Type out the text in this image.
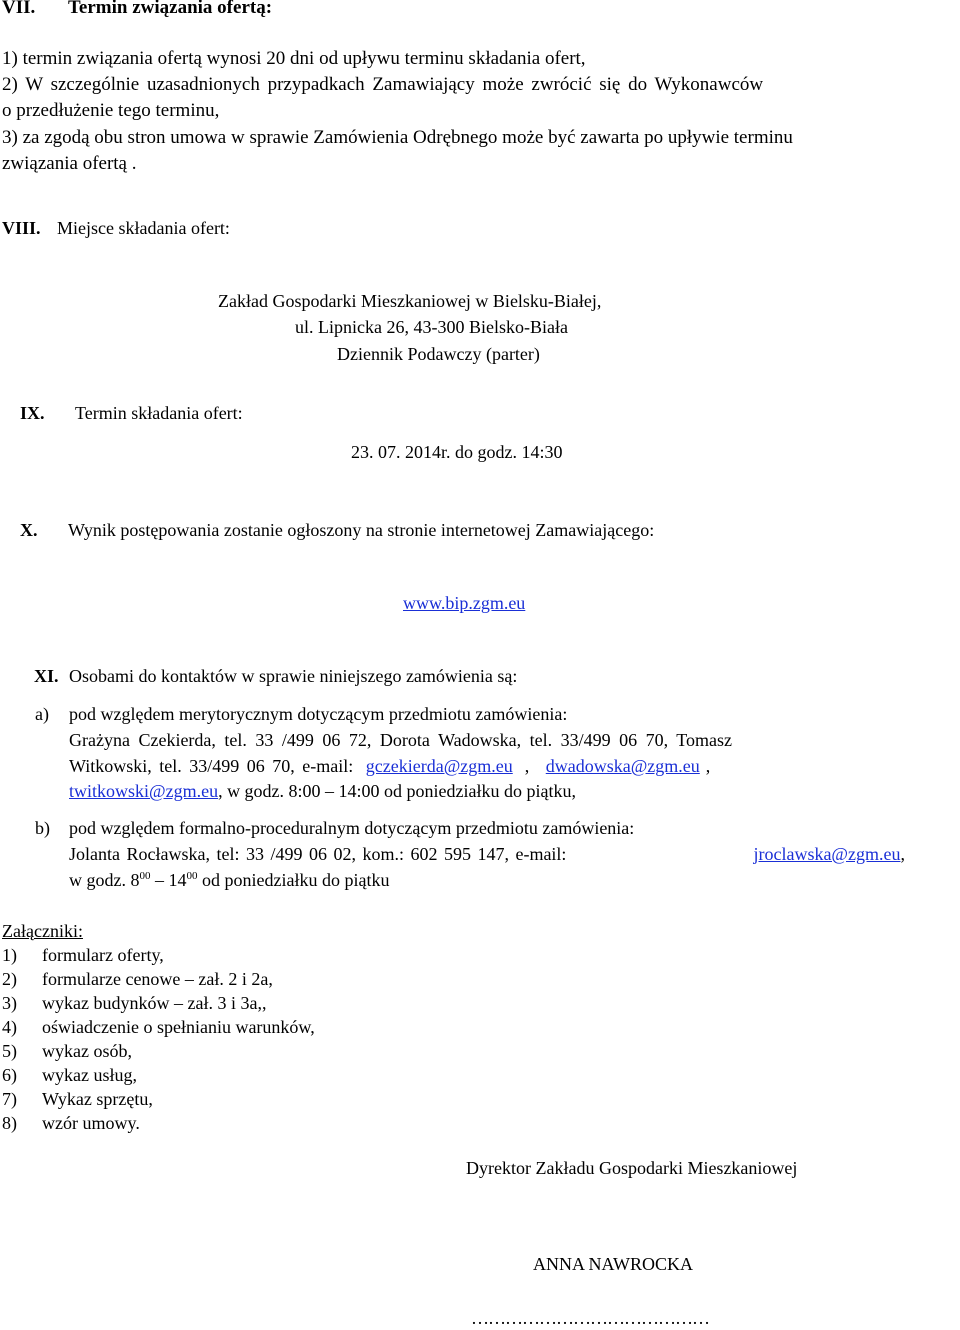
VII. Termin związania ofertą:
1) termin związania ofertą wynosi 20 dni od upływu terminu składania ofert,
2) W szczególnie uzasadnionych przypadkach Zamawiający może zwrócić się do Wykonawców
o przedłużenie tego terminu,
3) za zgodą obu stron umowa w sprawie Zamówienia Odrębnego może być zawarta po upływie terminu
związania ofertą .
VIII. Miejsce składania ofert:
Zakład Gospodarki Mieszkaniowej w Bielsku-Białej,
ul. Lipnicka 26, 43-300 Bielsko-Biała
Dziennik Podawczy (parter)
IX. Termin składania ofert:
23. 07. 2014r. do godz. 14:30
X. Wynik postępowania zostanie ogłoszony na stronie internetowej Zamawiającego:
www.bip.zgm.eu
XI. Osobami do kontaktów w sprawie niniejszego zamówienia są:
a) pod względem merytorycznym dotyczącym przedmiotu zamówienia:
Grażyna Czekierda, tel. 33 /499 06 72, Dorota Wadowska, tel. 33/499 06 70, Tomasz
Witkowski, tel. 33/499 06 70, e-mail: gczekierda@zgm.eu , dwadowska@zgm.eu ,
twitkowski@zgm.eu, w godz. 8:00 – 14:00 od poniedziałku do piątku,
b) pod względem formalno-proceduralnym dotyczącym przedmiotu zamówienia:
Jolanta Rocławska, tel: 33 /499 06 02, kom.: 602 595 147, e-mail:	jroclawska@zgm.eu,
w godz. $8^{00} - 14^{00}$ od poniedziałku do piątku
Załączniki:
1) formularz oferty,
2) formularze cenowe – zał. 2 i 2a,
3) wykaz budynków – zał. 3 i 3a,,
4) oświadczenie o spełnianiu warunków,
5) wykaz osób,
6) wykaz usług,
7) Wykaz sprzętu,
8) wzór umowy.
Dyrektor Zakładu Gospodarki Mieszkaniowej
ANNA NAWROCKA
……………………………………
